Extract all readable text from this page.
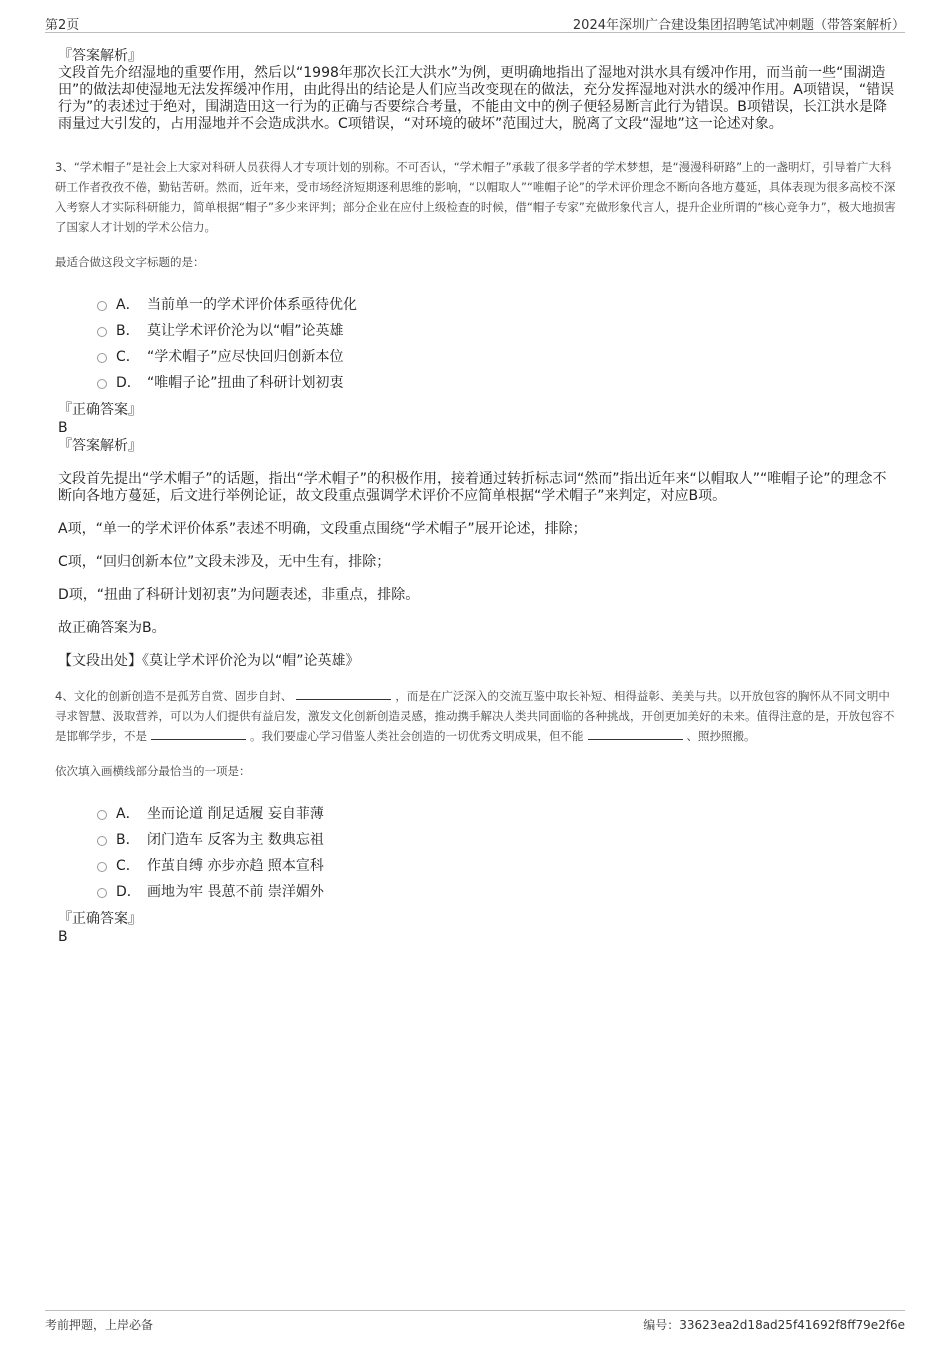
第2页	2024年深圳广合建设集团招聘笔试冲刺题（带答案解析）
『答案解析』
文段首先介绍湿地的重要作用，然后以“1998年那次长江大洪水”为例，更明确地指出了湿地对洪水具有缓冲作用，而当前一些“围湖造田”的做法却使湿地无法发挥缓冲作用，由此得出的结论是人们应当改变现在的做法，充分发挥湿地对洪水的缓冲作用。A项错误，“错误行为”的表述过于绝对，围湖造田这一行为的正确与否要综合考量，不能由文中的例子便轻易断言此行为错误。B项错误，长江洪水是降雨量过大引发的，占用湿地并不会造成洪水。C项错误，“对环境的破坏”范围过大，脱离了文段“湿地”这一论述对象。

3、“学术帽子”是社会上大家对科研人员获得人才专项计划的别称。不可否认，“学术帽子”承载了很多学者的学术梦想，是“漫漫科研路”上的一盏明灯，引导着广大科研工作者孜孜不倦，勤钻苦研。然而，近年来，受市场经济短期逐利思维的影响，“以帽取人”“唯帽子论”的学术评价理念不断向各地方蔓延，具体表现为很多高校不深入考察人才实际科研能力，简单根据“帽子”多少来评判；部分企业在应付上级检查的时候，借“帽子专家”充做形象代言人，提升企业所谓的“核心竞争力”，极大地损害了国家人才计划的学术公信力。

最适合做这段文字标题的是：
A． 当前单一的学术评价体系亟待优化
B． 莫让学术评价沦为以“帽”论英雄
C． “学术帽子”应尽快回归创新本位
D． “唯帽子论”扭曲了科研计划初衷
『正确答案』
B
『答案解析』

文段首先提出“学术帽子”的话题，指出“学术帽子”的积极作用，接着通过转折标志词“然而”指出近年来“以帽取人”“唯帽子论”的理念不断向各地方蔓延，后文进行举例论证，故文段重点强调学术评价不应简单根据“学术帽子”来判定，对应B项。

A项，“单一的学术评价体系”表述不明确，文段重点围绕“学术帽子”展开论述，排除；

C项，“回归创新本位”文段未涉及，无中生有，排除；

D项，“扭曲了科研计划初衷”为问题表述，非重点，排除。

故正确答案为B。

【文段出处】《莫让学术评价沦为以“帽”论英雄》

4、文化的创新创造不是孤芳自赏、固步自封、	，而是在广泛深入的交流互鉴中取长补短、相得益彰、美美与共。以开放包容的胸怀从不同文明中寻求智慧、汲取营养，可以为人们提供有益启发，激发文化创新创造灵感，推动携手解决人类共同面临的各种挑战，开创更加美好的未来。值得注意的是，开放包容不是邯郸学步，不是	。我们要虚心学习借鉴人类社会创造的一切优秀文明成果，但不能	、照抄照搬。

依次填入画横线部分最恰当的一项是：
A． 坐而论道 削足适履 妄自菲薄
B． 闭门造车 反客为主 数典忘祖
C． 作茧自缚 亦步亦趋 照本宣科
D． 画地为牢 畏葸不前 崇洋媚外
『正确答案』
B
考前押题，上岸必备	编号：33623ea2d18ad25f41692f8ff79e2f6e
